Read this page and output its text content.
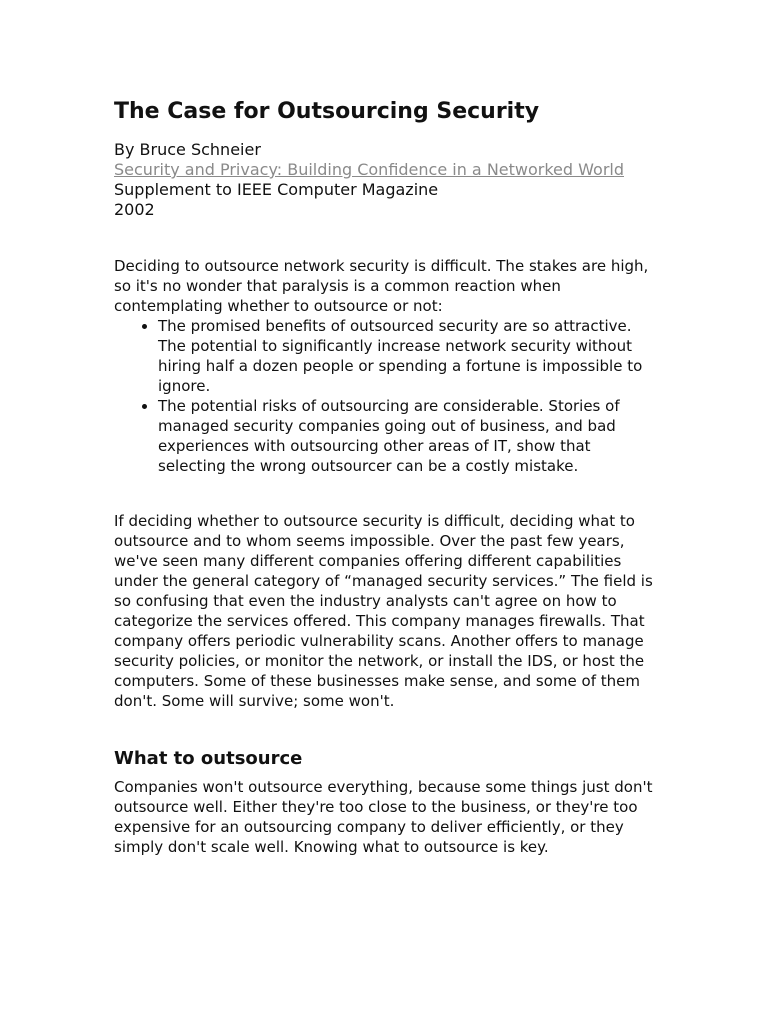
The Case for Outsourcing Security
By Bruce Schneier
Security and Privacy: Building Confidence in a Networked World
Supplement to IEEE Computer Magazine
2002

Deciding to outsource network security is difficult. The stakes are high, so it's no wonder that paralysis is a common reaction when contemplating whether to outsource or not:

• The promised benefits of outsourced security are so attractive. The potential to significantly increase network security without hiring half a dozen people or spending a fortune is impossible to ignore.
• The potential risks of outsourcing are considerable. Stories of managed security companies going out of business, and bad experiences with outsourcing other areas of IT, show that selecting the wrong outsourcer can be a costly mistake.

If deciding whether to outsource security is difficult, deciding what to outsource and to whom seems impossible. Over the past few years, we've seen many different companies offering different capabilities under the general category of “managed security services.” The field is so confusing that even the industry analysts can't agree on how to categorize the services offered. This company manages firewalls. That company offers periodic vulnerability scans. Another offers to manage security policies, or monitor the network, or install the IDS, or host the computers. Some of these businesses make sense, and some of them don't. Some will survive; some won't.

What to outsource

Companies won't outsource everything, because some things just don't outsource well. Either they're too close to the business, or they're too expensive for an outsourcing company to deliver efficiently, or they simply don't scale well. Knowing what to outsource is key.
